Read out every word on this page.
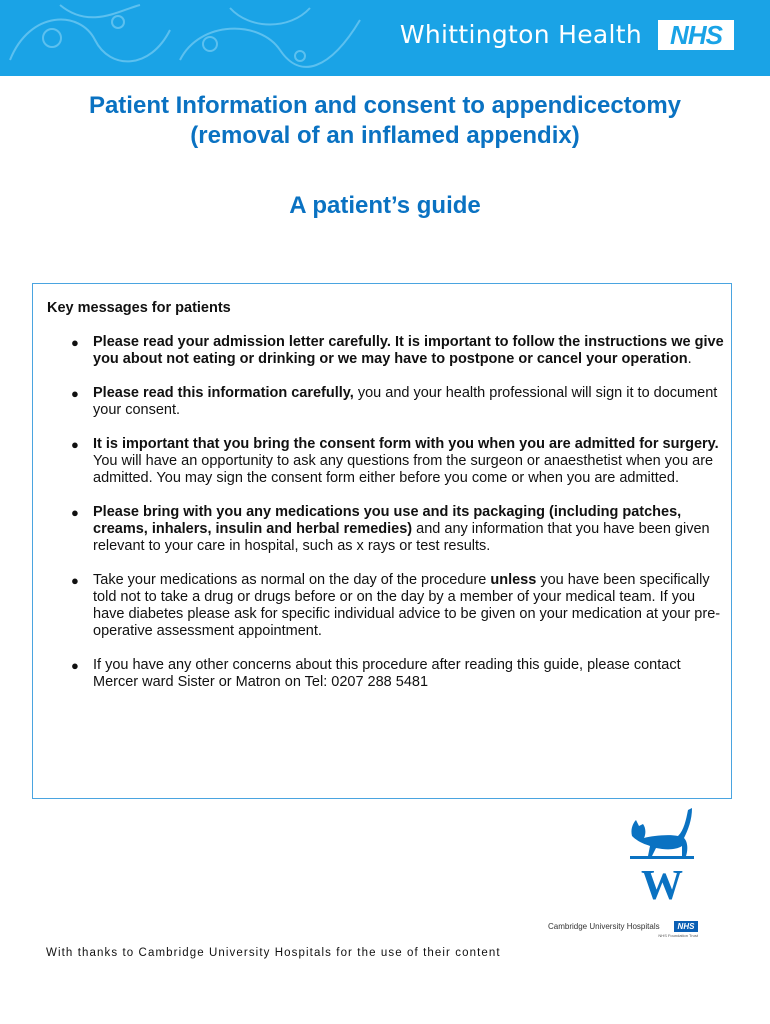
Whittington Health	NHS
Patient Information and consent to appendicectomy
(removal of an inflamed appendix)
A patient’s guide
Key messages for patients
● Please read your admission letter carefully. It is important to follow the instructions we give you about not eating or drinking or we may have to postpone or cancel your operation.
● Please read this information carefully, you and your health professional will sign it to document your consent.
● It is important that you bring the consent form with you when you are admitted for surgery. You will have an opportunity to ask any questions from the surgeon or anaesthetist when you are admitted. You may sign the consent form either before you come or when you are admitted.
● Please bring with you any medications you use and its packaging (including patches, creams, inhalers, insulin and herbal remedies) and any information that you have been given relevant to your care in hospital, such as x rays or test results.
● Take your medications as normal on the day of the procedure unless you have been specifically told not to take a drug or drugs before or on the day by a member of your medical team. If you have diabetes please ask for specific individual advice to be given on your medication at your pre-operative assessment appointment.
● If you have any other concerns about this procedure after reading this guide, please contact Mercer ward Sister or Matron on Tel: 0207 288 5481
W
Cambridge University Hospitals	NHS
NHS Foundation Trust
With thanks to Cambridge University Hospitals for the use of their content
